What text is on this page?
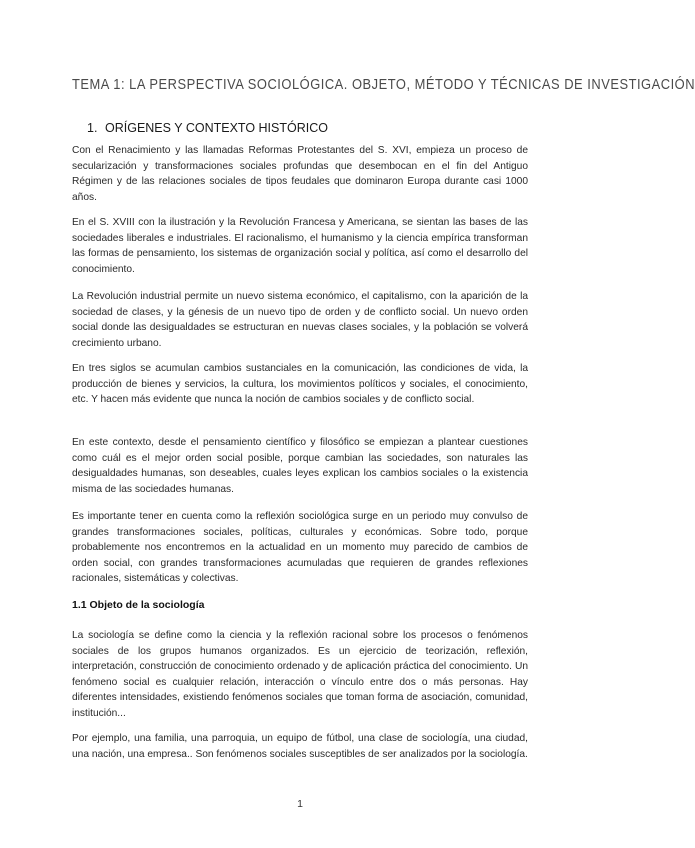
TEMA 1: LA PERSPECTIVA SOCIOLÓGICA. OBJETO, MÉTODO Y TÉCNICAS DE INVESTIGACIÓN
1. ORÍGENES Y CONTEXTO HISTÓRICO

Con el Renacimiento y las llamadas Reformas Protestantes del S. XVI, empieza un proceso de secularización y transformaciones sociales profundas que desembocan en el fin del Antiguo Régimen y de las relaciones sociales de tipos feudales que dominaron Europa durante casi 1000 años.

En el S. XVIII con la ilustración y la Revolución Francesa y Americana, se sientan las bases de las sociedades liberales e industriales. El racionalismo, el humanismo y la ciencia empírica transforman las formas de pensamiento, los sistemas de organización social y política, así como el desarrollo del conocimiento.

La Revolución industrial permite un nuevo sistema económico, el capitalismo, con la aparición de la sociedad de clases, y la génesis de un nuevo tipo de orden y de conflicto social. Un nuevo orden social donde las desigualdades se estructuran en nuevas clases sociales, y la población se volverá crecimiento urbano.

En tres siglos se acumulan cambios sustanciales en la comunicación, las condiciones de vida, la producción de bienes y servicios, la cultura, los movimientos políticos y sociales, el conocimiento, etc. Y hacen más evidente que nunca la noción de cambios sociales y de conflicto social.

En este contexto, desde el pensamiento científico y filosófico se empiezan a plantear cuestiones como cuál es el mejor orden social posible, porque cambian las sociedades, son naturales las desigualdades humanas, son deseables, cuales leyes explican los cambios sociales o la existencia misma de las sociedades humanas.

Es importante tener en cuenta como la reflexión sociológica surge en un periodo muy convulso de grandes transformaciones sociales, políticas, culturales y económicas. Sobre todo, porque probablemente nos encontremos en la actualidad en un momento muy parecido de cambios de orden social, con grandes transformaciones acumuladas que requieren de grandes reflexiones racionales, sistemáticas y colectivas.

1.1 Objeto de la sociología

La sociología se define como la ciencia y la reflexión racional sobre los procesos o fenómenos sociales de los grupos humanos organizados. Es un ejercicio de teorización, reflexión, interpretación, construcción de conocimiento ordenado y de aplicación práctica del conocimiento. Un fenómeno social es cualquier relación, interacción o vínculo entre dos o más personas. Hay diferentes intensidades, existiendo fenómenos sociales que toman forma de asociación, comunidad, institución...

Por ejemplo, una familia, una parroquia, un equipo de fútbol, una clase de sociología, una ciudad, una nación, una empresa.. Son fenómenos sociales susceptibles de ser analizados por la sociología.

1
